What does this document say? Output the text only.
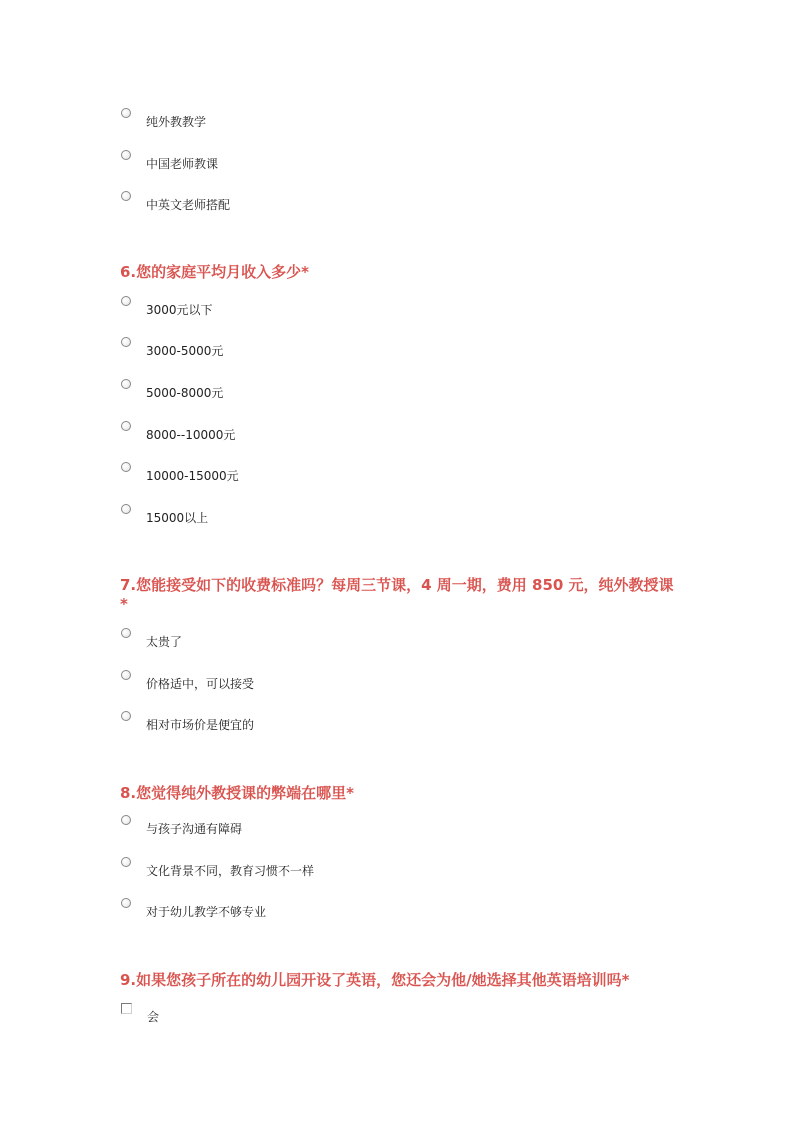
纯外教教学
中国老师教课
中英文老师搭配
6.您的家庭平均月收入多少*
3000元以下
3000-5000元
5000-8000元
8000--10000元
10000-15000元
15000以上
7.您能接受如下的收费标准吗？每周三节课，4 周一期，费用 850 元，纯外教授课*
太贵了
价格适中，可以接受
相对市场价是便宜的
8.您觉得纯外教授课的弊端在哪里*
与孩子沟通有障碍
文化背景不同，教育习惯不一样
对于幼儿教学不够专业
9.如果您孩子所在的幼儿园开设了英语，您还会为他/她选择其他英语培训吗*
会
